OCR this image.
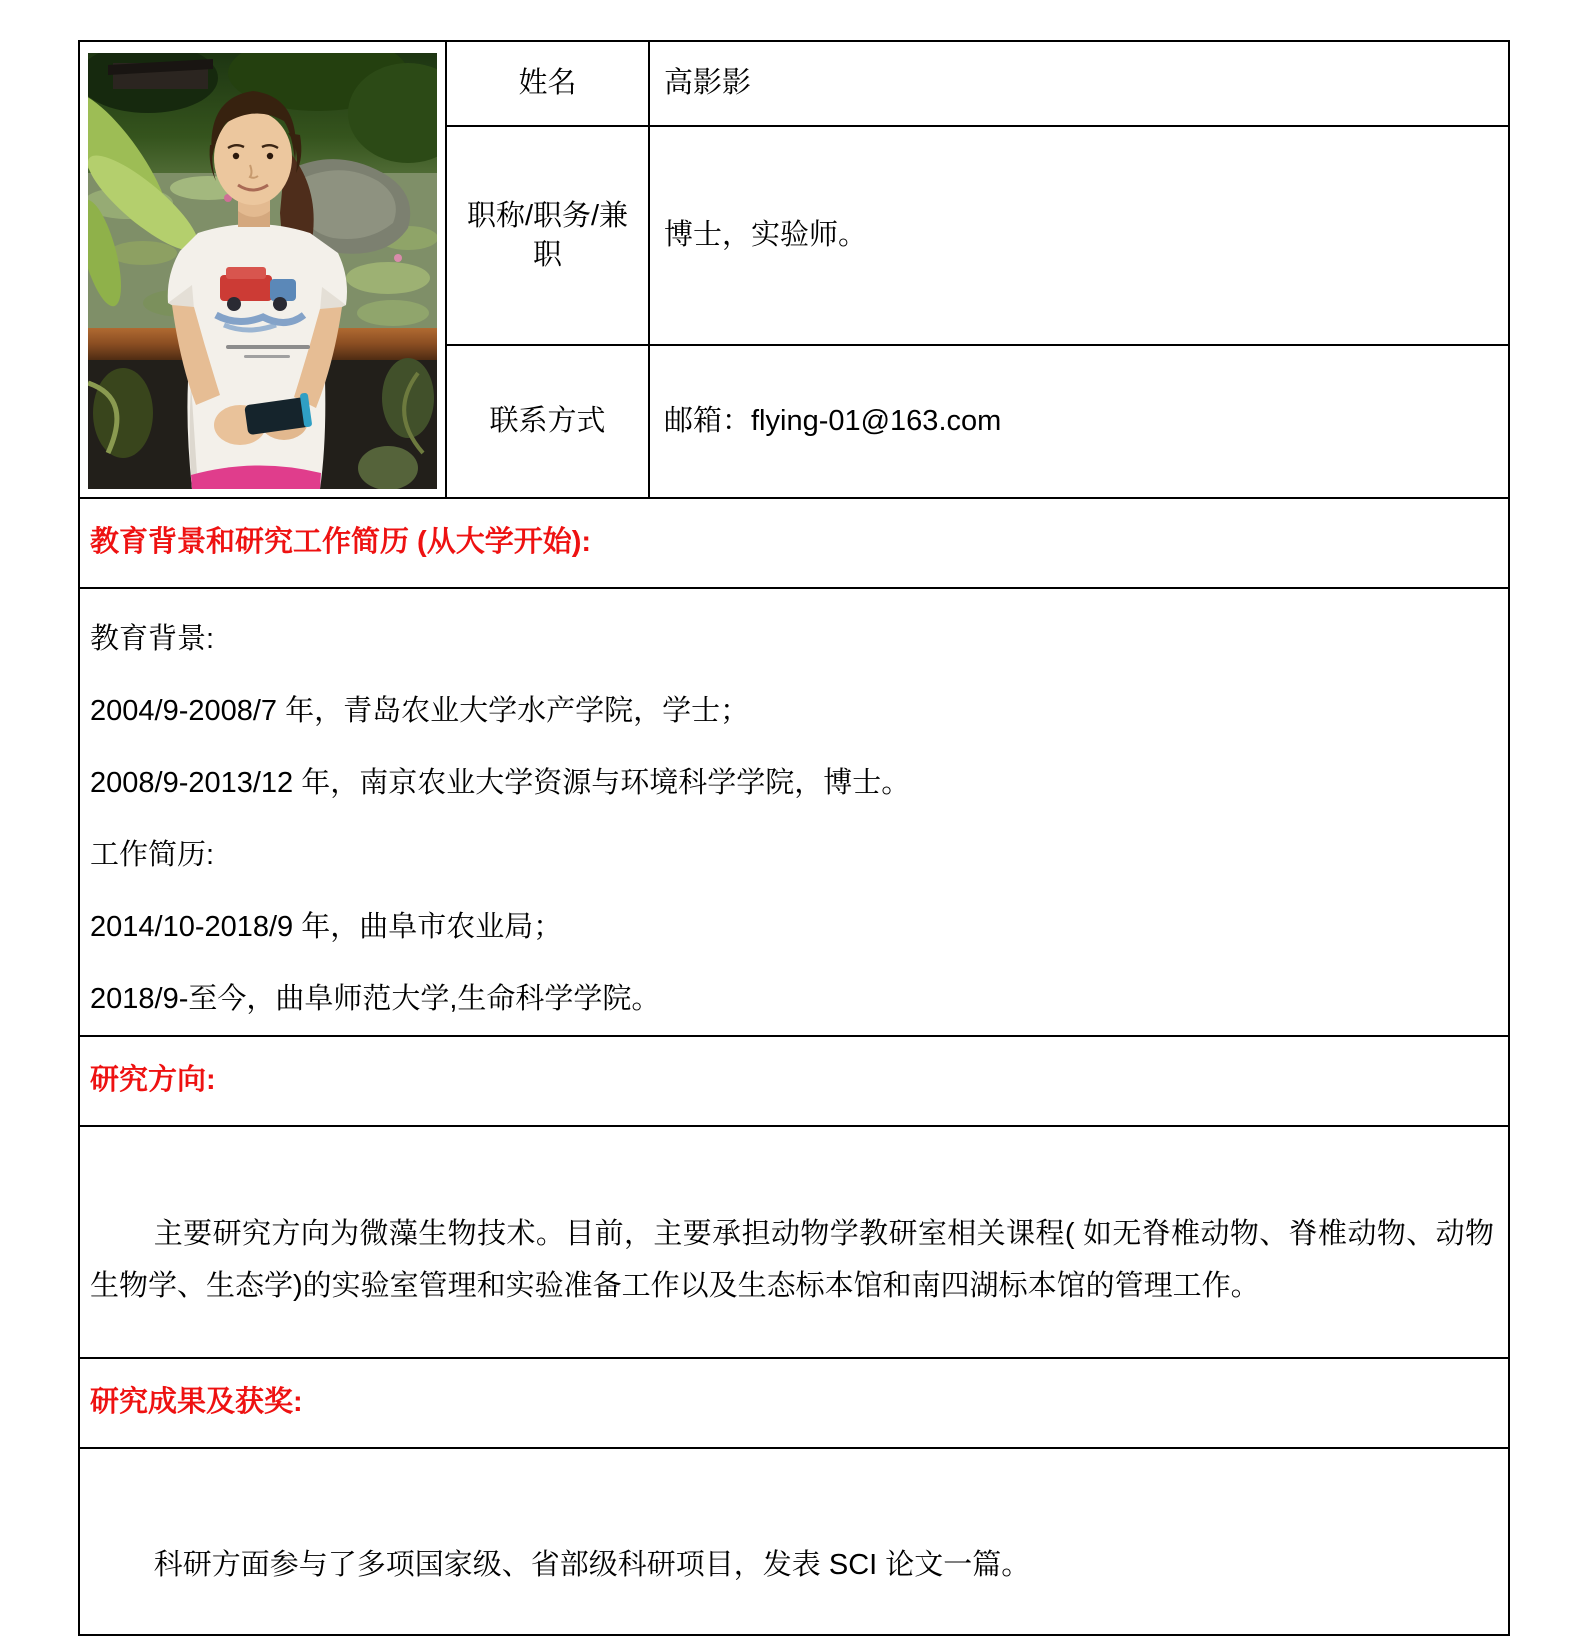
	姓名	高影影
	职称/职务/兼职	博士，实验师。
	联系方式	邮箱：flying-01@163.com
教育背景和研究工作简历 (从大学开始):		

教育背景:

2004/9-2008/7 年，青岛农业大学水产学院，学士；

2008/9-2013/12 年，南京农业大学资源与环境科学学院，博士。

工作简历:

2014/10-2018/9 年，曲阜市农业局；

2018/9-至今，曲阜师范大学,生命科学学院。

研究方向:		

主要研究方向为微藻生物技术。目前，主要承担动物学教研室相关课程( 如无脊椎动物、脊椎动物、动物生物学、生态学)的实验室管理和实验准备工作以及生态标本馆和南四湖标本馆的管理工作。		

研究成果及获奖:		

科研方面参与了多项国家级、省部级科研项目，发表 SCI 论文一篇。		
